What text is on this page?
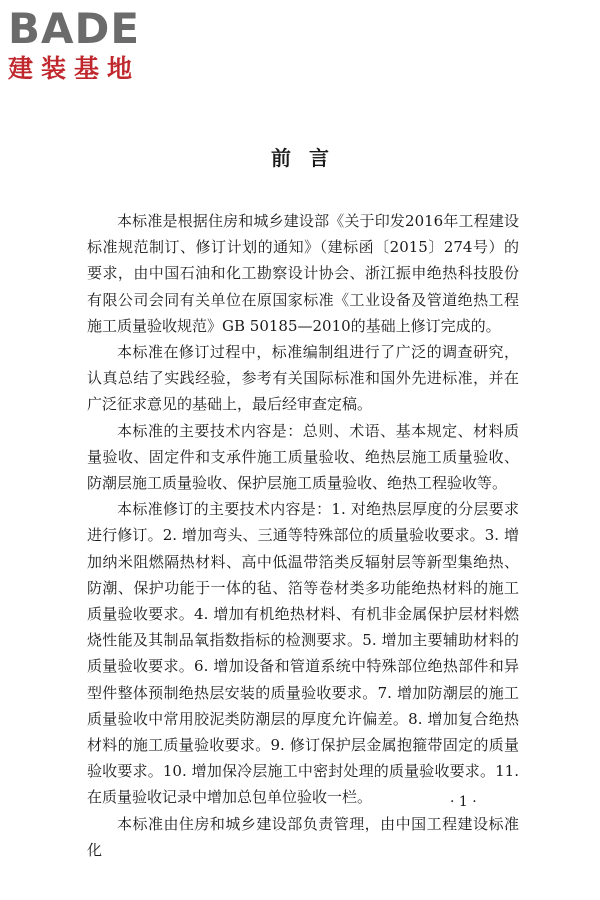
BADE
建装基地
前言

本标准是根据住房和城乡建设部《关于印发2016年工程建设标准规范制订、修订计划的通知》（建标函〔2015〕274号）的要求，由中国石油和化工勘察设计协会、浙江振申绝热科技股份有限公司会同有关单位在原国家标准《工业设备及管道绝热工程施工质量验收规范》GB 50185—2010的基础上修订完成的。

本标准在修订过程中，标准编制组进行了广泛的调查研究，认真总结了实践经验，参考有关国际标准和国外先进标准，并在广泛征求意见的基础上，最后经审查定稿。

本标准的主要技术内容是：总则、术语、基本规定、材料质量验收、固定件和支承件施工质量验收、绝热层施工质量验收、防潮层施工质量验收、保护层施工质量验收、绝热工程验收等。

本标准修订的主要技术内容是：1. 对绝热层厚度的分层要求进行修订。2. 增加弯头、三通等特殊部位的质量验收要求。3. 增加纳米阻燃隔热材料、高中低温带箔类反辐射层等新型集绝热、防潮、保护功能于一体的毡、箔等卷材类多功能绝热材料的施工质量验收要求。4. 增加有机绝热材料、有机非金属保护层材料燃烧性能及其制品氧指数指标的检测要求。5. 增加主要辅助材料的质量验收要求。6. 增加设备和管道系统中特殊部位绝热部件和异型件整体预制绝热层安装的质量验收要求。7. 增加防潮层的施工质量验收中常用胶泥类防潮层的厚度允许偏差。8. 增加复合绝热材料的施工质量验收要求。9. 修订保护层金属抱箍带固定的质量验收要求。10. 增加保冷层施工中密封处理的质量验收要求。11. 在质量验收记录中增加总包单位验收一栏。

本标准由住房和城乡建设部负责管理，由中国工程建设标准化

· 1 ·
